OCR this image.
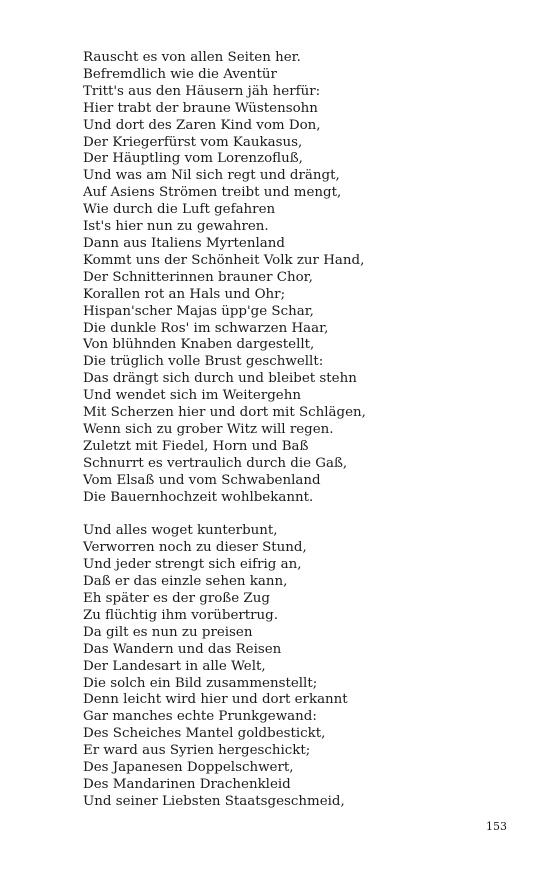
Rauscht es von allen Seiten her.
Befremdlich wie die Aventür
Tritt's aus den Häusern jäh herfür:
Hier trabt der braune Wüstensohn
Und dort des Zaren Kind vom Don,
Der Kriegerfürst vom Kaukasus,
Der Häuptling vom Lorenzofluß,
Und was am Nil sich regt und drängt,
Auf Asiens Strömen treibt und mengt,
Wie durch die Luft gefahren
Ist's hier nun zu gewahren.
Dann aus Italiens Myrtenland
Kommt uns der Schönheit Volk zur Hand,
Der Schnitterinnen brauner Chor,
Korallen rot an Hals und Ohr;
Hispan'scher Majas üpp'ge Schar,
Die dunkle Ros' im schwarzen Haar,
Von blühnden Knaben dargestellt,
Die trüglich volle Brust geschwellt:
Das drängt sich durch und bleibet stehn
Und wendet sich im Weitergehn
Mit Scherzen hier und dort mit Schlägen,
Wenn sich zu grober Witz will regen.
Zuletzt mit Fiedel, Horn und Baß
Schnurrt es vertraulich durch die Gaß,
Vom Elsaß und vom Schwabenland
Die Bauernhochzeit wohlbekannt.
Und alles woget kunterbunt,
Verworren noch zu dieser Stund,
Und jeder strengt sich eifrig an,
Daß er das einzle sehen kann,
Eh später es der große Zug
Zu flüchtig ihm vorübertrug.
Da gilt es nun zu preisen
Das Wandern und das Reisen
Der Landesart in alle Welt,
Die solch ein Bild zusammenstellt;
Denn leicht wird hier und dort erkannt
Gar manches echte Prunkgewand:
Des Scheiches Mantel goldbestickt,
Er ward aus Syrien hergeschickt;
Des Japanesen Doppelschwert,
Des Mandarinen Drachenkleid
Und seiner Liebsten Staatsgeschmeid,
153
